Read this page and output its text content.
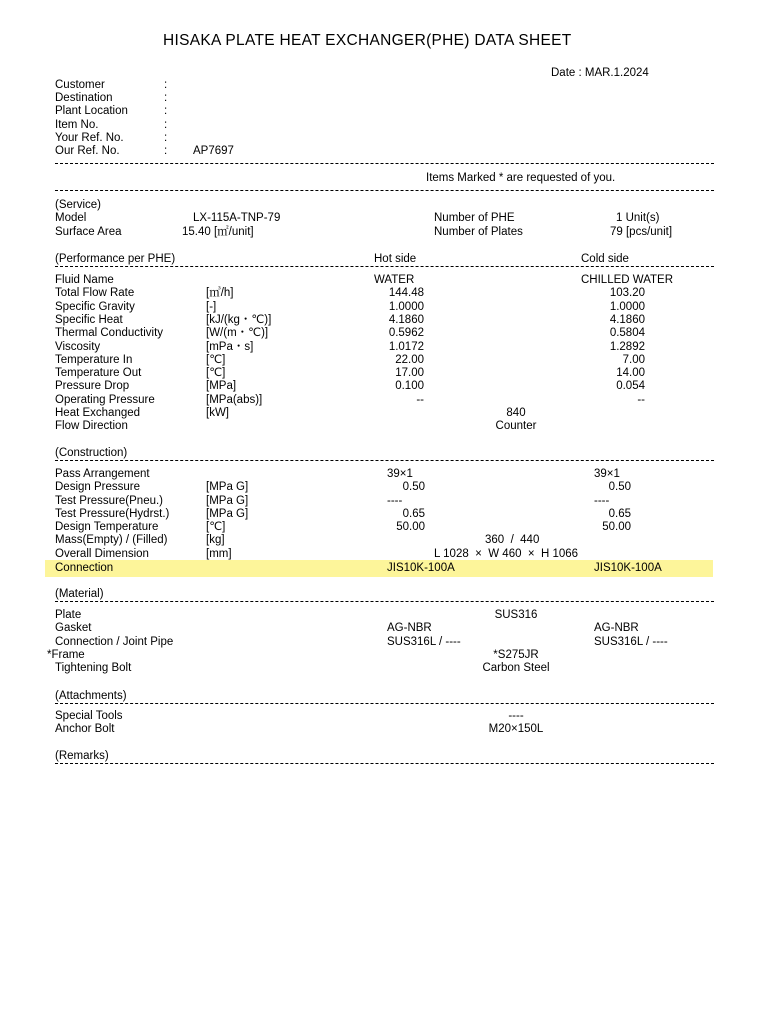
HISAKA PLATE HEAT EXCHANGER(PHE) DATA SHEET
Date : MAR.1.2024
Customer	:
Destination	:
Plant Location	:
Item No.	:
Your Ref. No.	:
Our Ref. No.	: AP7697
Items Marked * are requested of you.
(Service)
Model	LX-115A-TNP-79	Number of PHE	1 Unit(s)
Surface Area	15.40 [㎡/unit]	Number of Plates	79 [pcs/unit]
(Performance per PHE)	Hot side	Cold side
Fluid Name	WATER	CHILLED WATER
Total Flow Rate	[㎥/h]	144.48	103.20
Specific Gravity	[-]	1.0000	1.0000
Specific Heat	[kJ/(kg・℃)]	4.1860	4.1860
Thermal Conductivity	[W/(m・℃)]	0.5962	0.5804
Viscosity	[mPa・s]	1.0172	1.2892
Temperature In	[℃]	22.00	7.00
Temperature Out	[℃]	17.00	14.00
Pressure Drop	[MPa]	0.100	0.054
Operating Pressure	[MPa(abs)]	--	--
Heat Exchanged	[kW]	840
Flow Direction	Counter
(Construction)
Pass Arrangement	39×1	39×1
Design Pressure	[MPa G]	0.50	0.50
Test Pressure(Pneu.)	[MPa G]	----	----
Test Pressure(Hydrst.)	[MPa G]	0.65	0.65
Design Temperature	[℃]	50.00	50.00
Mass(Empty) / (Filled)	[kg]	360  /  440
Overall Dimension	[mm]	L 1028  ×  W 460  ×  H 1066
Connection	JIS10K-100A	JIS10K-100A
(Material)
Plate	SUS316
Gasket	AG-NBR	AG-NBR
Connection / Joint Pipe	SUS316L / ----	SUS316L / ----
*Frame	*S275JR
Tightening Bolt	Carbon Steel
(Attachments)
Special Tools	----
Anchor Bolt	M20×150L
(Remarks)
